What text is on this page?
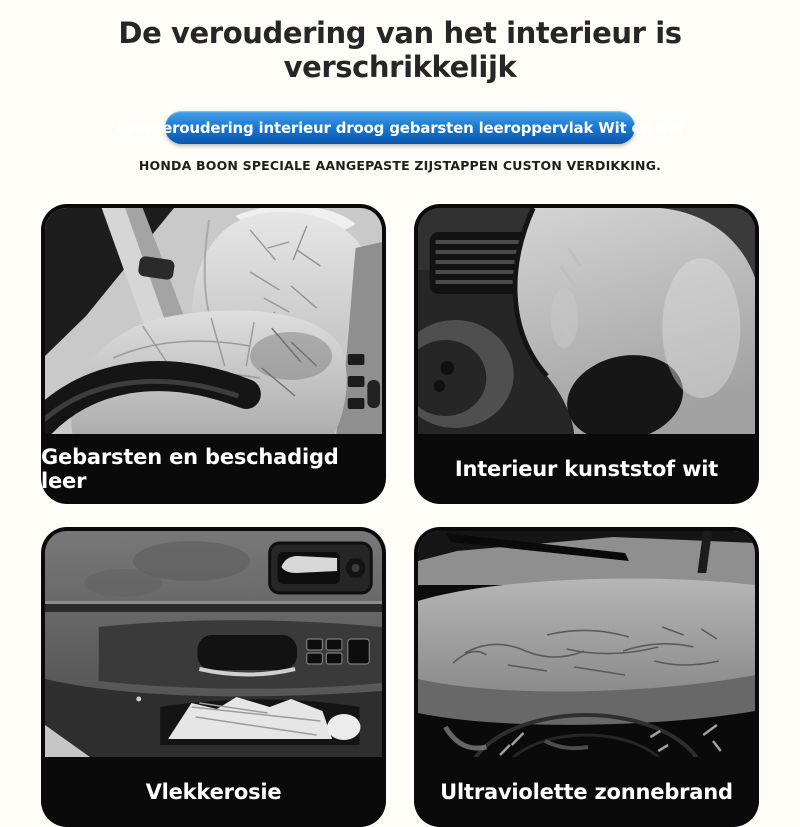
De veroudering van het interieur is verschrikkelijk
Leerveroudering interieur droog gebarsten leeroppervlak Wit en dof
HONDA BOON SPECIALE AANGEPASTE ZIJSTAPPEN CUSTON VERDIKKING.
Gebarsten en beschadigd leer	Interieur kunststof wit
Vlekkerosie	Ultraviolette zonnebrand
